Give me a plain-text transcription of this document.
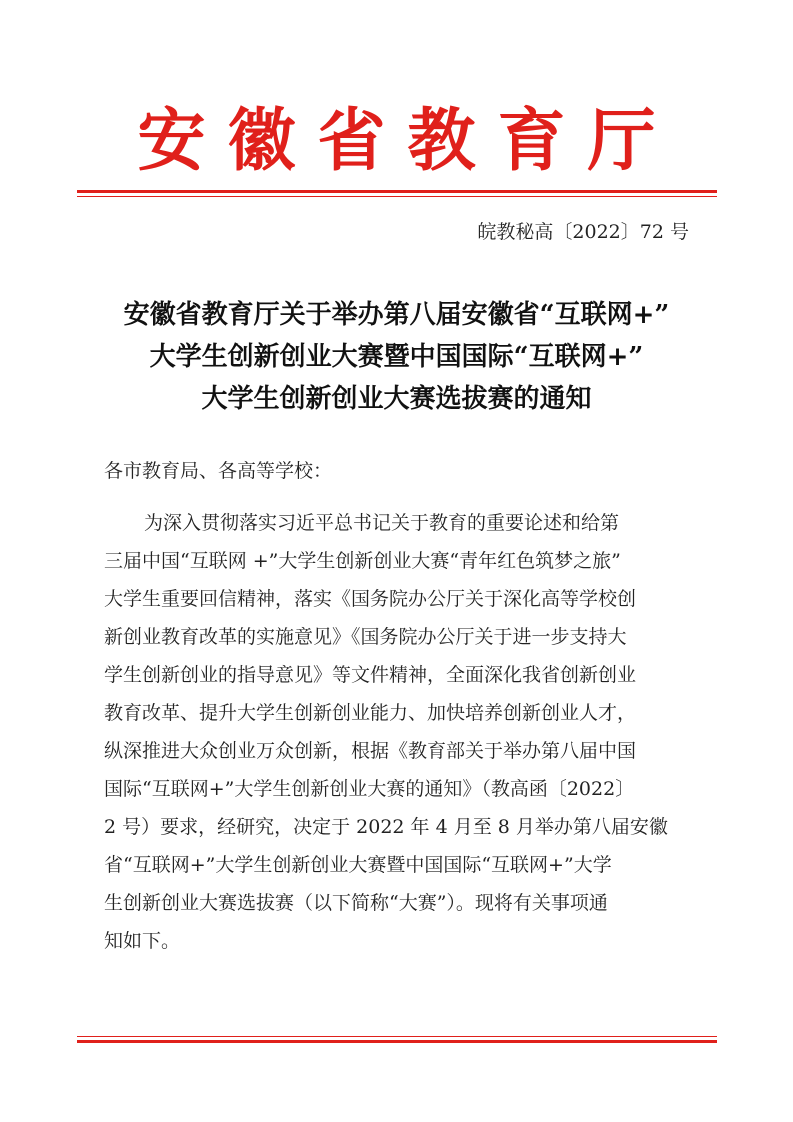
安徽省教育厅
皖教秘高〔2022〕72 号
安徽省教育厅关于举办第八届安徽省“互联网+”
大学生创新创业大赛暨中国国际“互联网+”
大学生创新创业大赛选拔赛的通知
各市教育局、各高等学校：
为深入贯彻落实习近平总书记关于教育的重要论述和给第
三届中国“互联网 +”大学生创新创业大赛“青年红色筑梦之旅”
大学生重要回信精神，落实《国务院办公厅关于深化高等学校创
新创业教育改革的实施意见》《国务院办公厅关于进一步支持大
学生创新创业的指导意见》等文件精神，全面深化我省创新创业
教育改革、提升大学生创新创业能力、加快培养创新创业人才，
纵深推进大众创业万众创新，根据《教育部关于举办第八届中国
国际“互联网+”大学生创新创业大赛的通知》（教高函〔2022〕
2 号）要求，经研究，决定于 2022 年 4 月至 8 月举办第八届安徽
省“互联网+”大学生创新创业大赛暨中国国际“互联网+”大学
生创新创业大赛选拔赛（以下简称“大赛”）。现将有关事项通
知如下。
